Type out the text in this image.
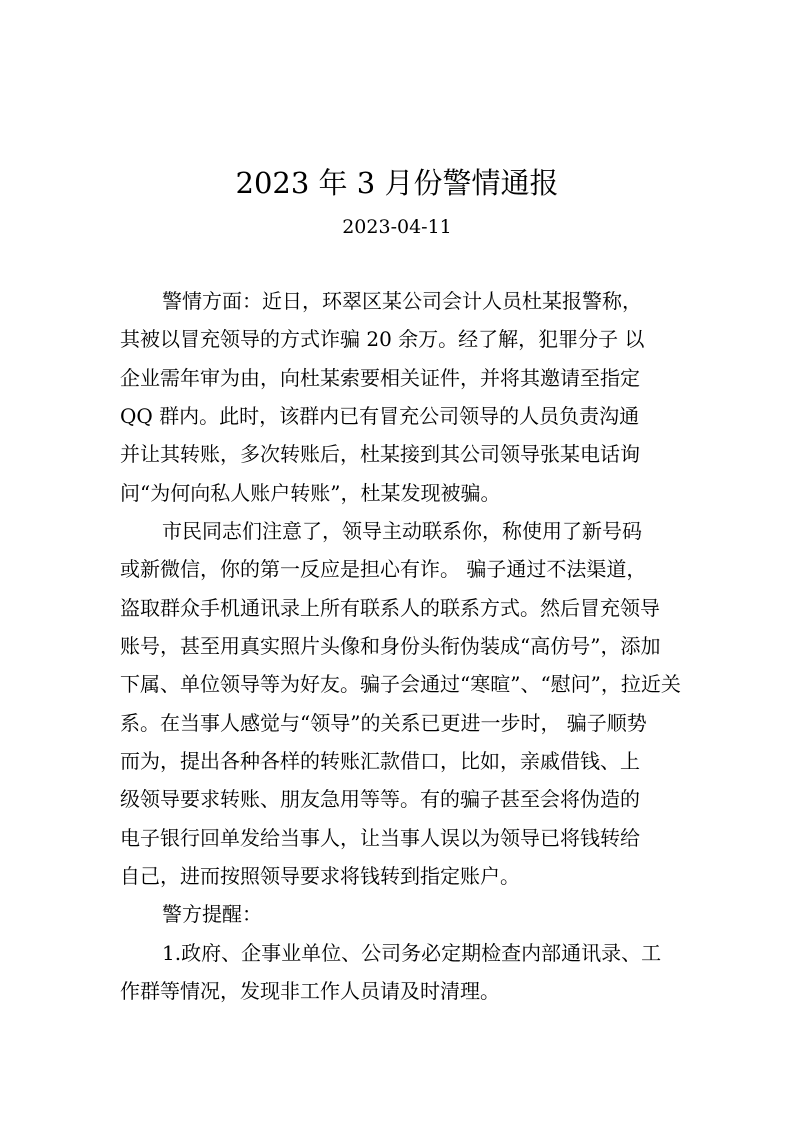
2023 年 3 月份警情通报

2023-04-11

警情方面：近日，环翠区某公司会计人员杜某报警称，

其被以冒充领导的方式诈骗 20 余万。经了解，犯罪分子 以

企业需年审为由，向杜某索要相关证件，并将其邀请至指定

QQ 群内。此时，该群内已有冒充公司领导的人员负责沟通

并让其转账，多次转账后，杜某接到其公司领导张某电话询

问“为何向私人账户转账”，杜某发现被骗。

市民同志们注意了，领导主动联系你，称使用了新号码

或新微信，你的第一反应是担心有诈。 骗子通过不法渠道，

盗取群众手机通讯录上所有联系人的联系方式。然后冒充领导

账号，甚至用真实照片头像和身份头衔伪装成“高仿号”，添加

下属、单位领导等为好友。骗子会通过“寒暄”、“慰问”，拉近关

系。在当事人感觉与“领导”的关系已更进一步时， 骗子顺势

而为，提出各种各样的转账汇款借口，比如，亲戚借钱、上

级领导要求转账、朋友急用等等。有的骗子甚至会将伪造的

电子银行回单发给当事人，让当事人误以为领导已将钱转给

自己，进而按照领导要求将钱转到指定账户。

警方提醒：

1.政府、企事业单位、公司务必定期检查内部通讯录、工

作群等情况，发现非工作人员请及时清理。
